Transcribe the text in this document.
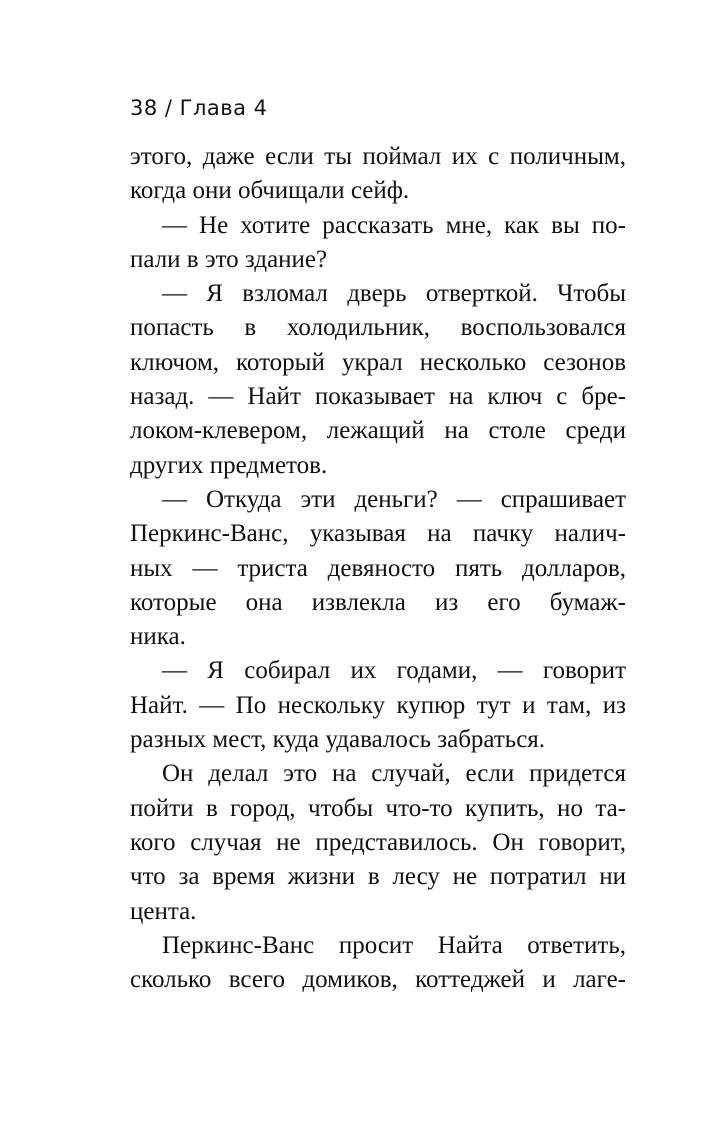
38 / Глава 4
этого, даже если ты поймал их с поличным,
когда они обчищали сейф.
— Не хотите рассказать мне, как вы по-
пали в это здание?
— Я взломал дверь отверткой. Чтобы
попасть в холодильник, воспользовался
ключом, который украл несколько сезонов
назад. — Найт показывает на ключ с бре-
локом-клевером, лежащий на столе среди
других предметов.
— Откуда эти деньги? — спрашивает
Перкинс-Ванс, указывая на пачку налич-
ных — триста девяносто пять долларов,
которые она извлекла из его бумаж-
ника.
— Я собирал их годами, — говорит
Найт. — По нескольку купюр тут и там, из
разных мест, куда удавалось забраться.
Он делал это на случай, если придется
пойти в город, чтобы что-то купить, но та-
кого случая не представилось. Он говорит,
что за время жизни в лесу не потратил ни
цента.
Перкинс-Ванс просит Найта ответить,
сколько всего домиков, коттеджей и лаге-
